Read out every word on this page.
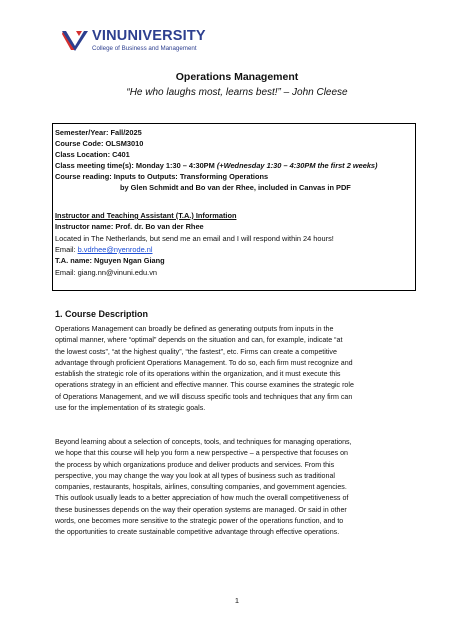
VINUNIVERSITY
College of Business and Management
Operations Management
“He who laughs most, learns best!” – John Cleese
Semester/Year: Fall/2025
Course Code: OLSM3010
Class Location: C401
Class meeting time(s): Monday 1:30 – 4:30PM (+Wednesday 1:30 – 4:30PM the first 2 weeks)
Course reading: Inputs to Outputs: Transforming Operations
by Glen Schmidt and Bo van der Rhee, included in Canvas in PDF
Instructor and Teaching Assistant (T.A.) Information
Instructor name: Prof. dr. Bo van der Rhee
Located in The Netherlands, but send me an email and I will respond within 24 hours!
Email: b.vdrhee@nyenrode.nl
T.A. name: Nguyen Ngan Giang
Email: giang.nn@vinuni.edu.vn
1. Course Description
Operations Management can broadly be defined as generating outputs from inputs in the
optimal manner, where “optimal” depends on the situation and can, for example, indicate “at
the lowest costs”, “at the highest quality”, “the fastest”, etc. Firms can create a competitive
advantage through proficient Operations Management. To do so, each firm must recognize and
establish the strategic role of its operations within the organization, and it must execute this
operations strategy in an efficient and effective manner. This course examines the strategic role
of Operations Management, and we will discuss specific tools and techniques that any firm can
use for the implementation of its strategic goals.
Beyond learning about a selection of concepts, tools, and techniques for managing operations,
we hope that this course will help you form a new perspective – a perspective that focuses on
the process by which organizations produce and deliver products and services. From this
perspective, you may change the way you look at all types of business such as traditional
companies, restaurants, hospitals, airlines, consulting companies, and government agencies.
This outlook usually leads to a better appreciation of how much the overall competitiveness of
these businesses depends on the way their operation systems are managed. Or said in other
words, one becomes more sensitive to the strategic power of the operations function, and to
the opportunities to create sustainable competitive advantage through effective operations.
1
